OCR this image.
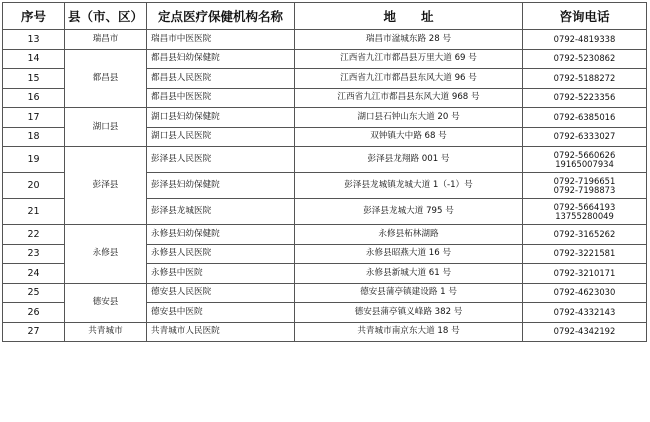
序号	县（市、区）	定点医疗保健机构名称	地　　址	咨询电话
13	瑞昌市	瑞昌市中医医院	瑞昌市湓城东路 28 号	0792-4819338

14	都昌县	都昌县妇幼保健院	江西省九江市都昌县万里大道 69 号	0792-5230862

15		都昌县人民医院	江西省九江市都昌县东风大道 96 号	0792-5188272

16		都昌县中医医院	江西省九江市都昌县东风大道 968 号	0792-5223356

17	湖口县	湖口县妇幼保健院	湖口县石钟山东大道 20 号	0792-6385016

18		湖口县人民医院	双钟镇大中路 68 号	0792-6333027

19	彭泽县	彭泽县人民医院	彭泽县龙翔路 001 号	0792-5660626
19165007934

20		彭泽县妇幼保健院	彭泽县龙城镇龙城大道 1（-1）号	0792-7196651
0792-7198873

21		彭泽县龙城医院	彭泽县龙城大道 795 号	0792-5664193
13755280049

22	永修县	永修县妇幼保健院	永修县柘林湖路	0792-3165262

23		永修县人民医院	永修县昭燕大道 16 号	0792-3221581

24		永修县中医院	永修县新城大道 61 号	0792-3210171

25	德安县	德安县人民医院	德安县蒲亭镇建设路 1 号	0792-4623030

26		德安县中医院	德安县蒲亭镇义峰路 382 号	0792-4332143

27	共青城市	共青城市人民医院	共青城市南京东大道 18 号	0792-4342192
